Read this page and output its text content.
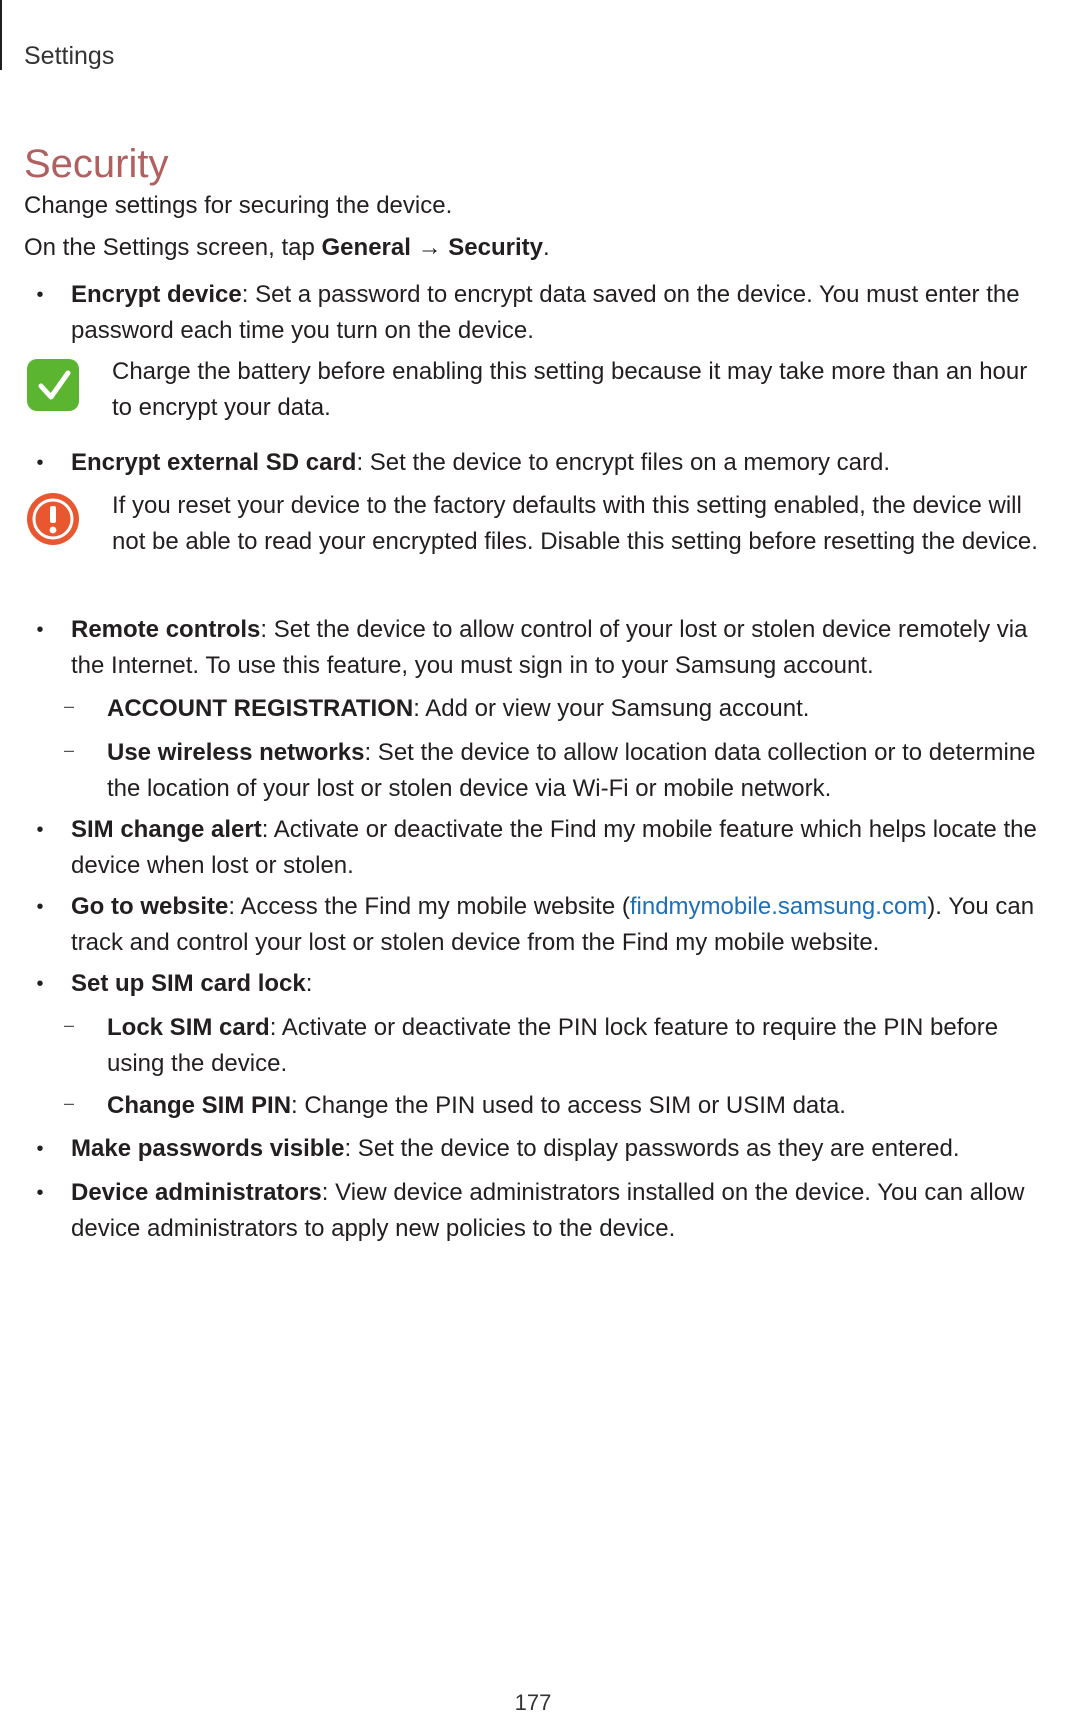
Settings
Security

Change settings for securing the device.

On the Settings screen, tap General → Security.

• Encrypt device: Set a password to encrypt data saved on the device. You must enter the password each time you turn on the device.
Charge the battery before enabling this setting because it may take more than an hour to encrypt your data.
• Encrypt external SD card: Set the device to encrypt files on a memory card.
If you reset your device to the factory defaults with this setting enabled, the device will not be able to read your encrypted files. Disable this setting before resetting the device.
• Remote controls: Set the device to allow control of your lost or stolen device remotely via the Internet. To use this feature, you must sign in to your Samsung account.
– ACCOUNT REGISTRATION: Add or view your Samsung account.
– Use wireless networks: Set the device to allow location data collection or to determine the location of your lost or stolen device via Wi-Fi or mobile network.
• SIM change alert: Activate or deactivate the Find my mobile feature which helps locate the device when lost or stolen.
• Go to website: Access the Find my mobile website (findmymobile.samsung.com). You can track and control your lost or stolen device from the Find my mobile website.
• Set up SIM card lock:
– Lock SIM card: Activate or deactivate the PIN lock feature to require the PIN before using the device.
– Change SIM PIN: Change the PIN used to access SIM or USIM data.
• Make passwords visible: Set the device to display passwords as they are entered.
• Device administrators: View device administrators installed on the device. You can allow device administrators to apply new policies to the device.
177
